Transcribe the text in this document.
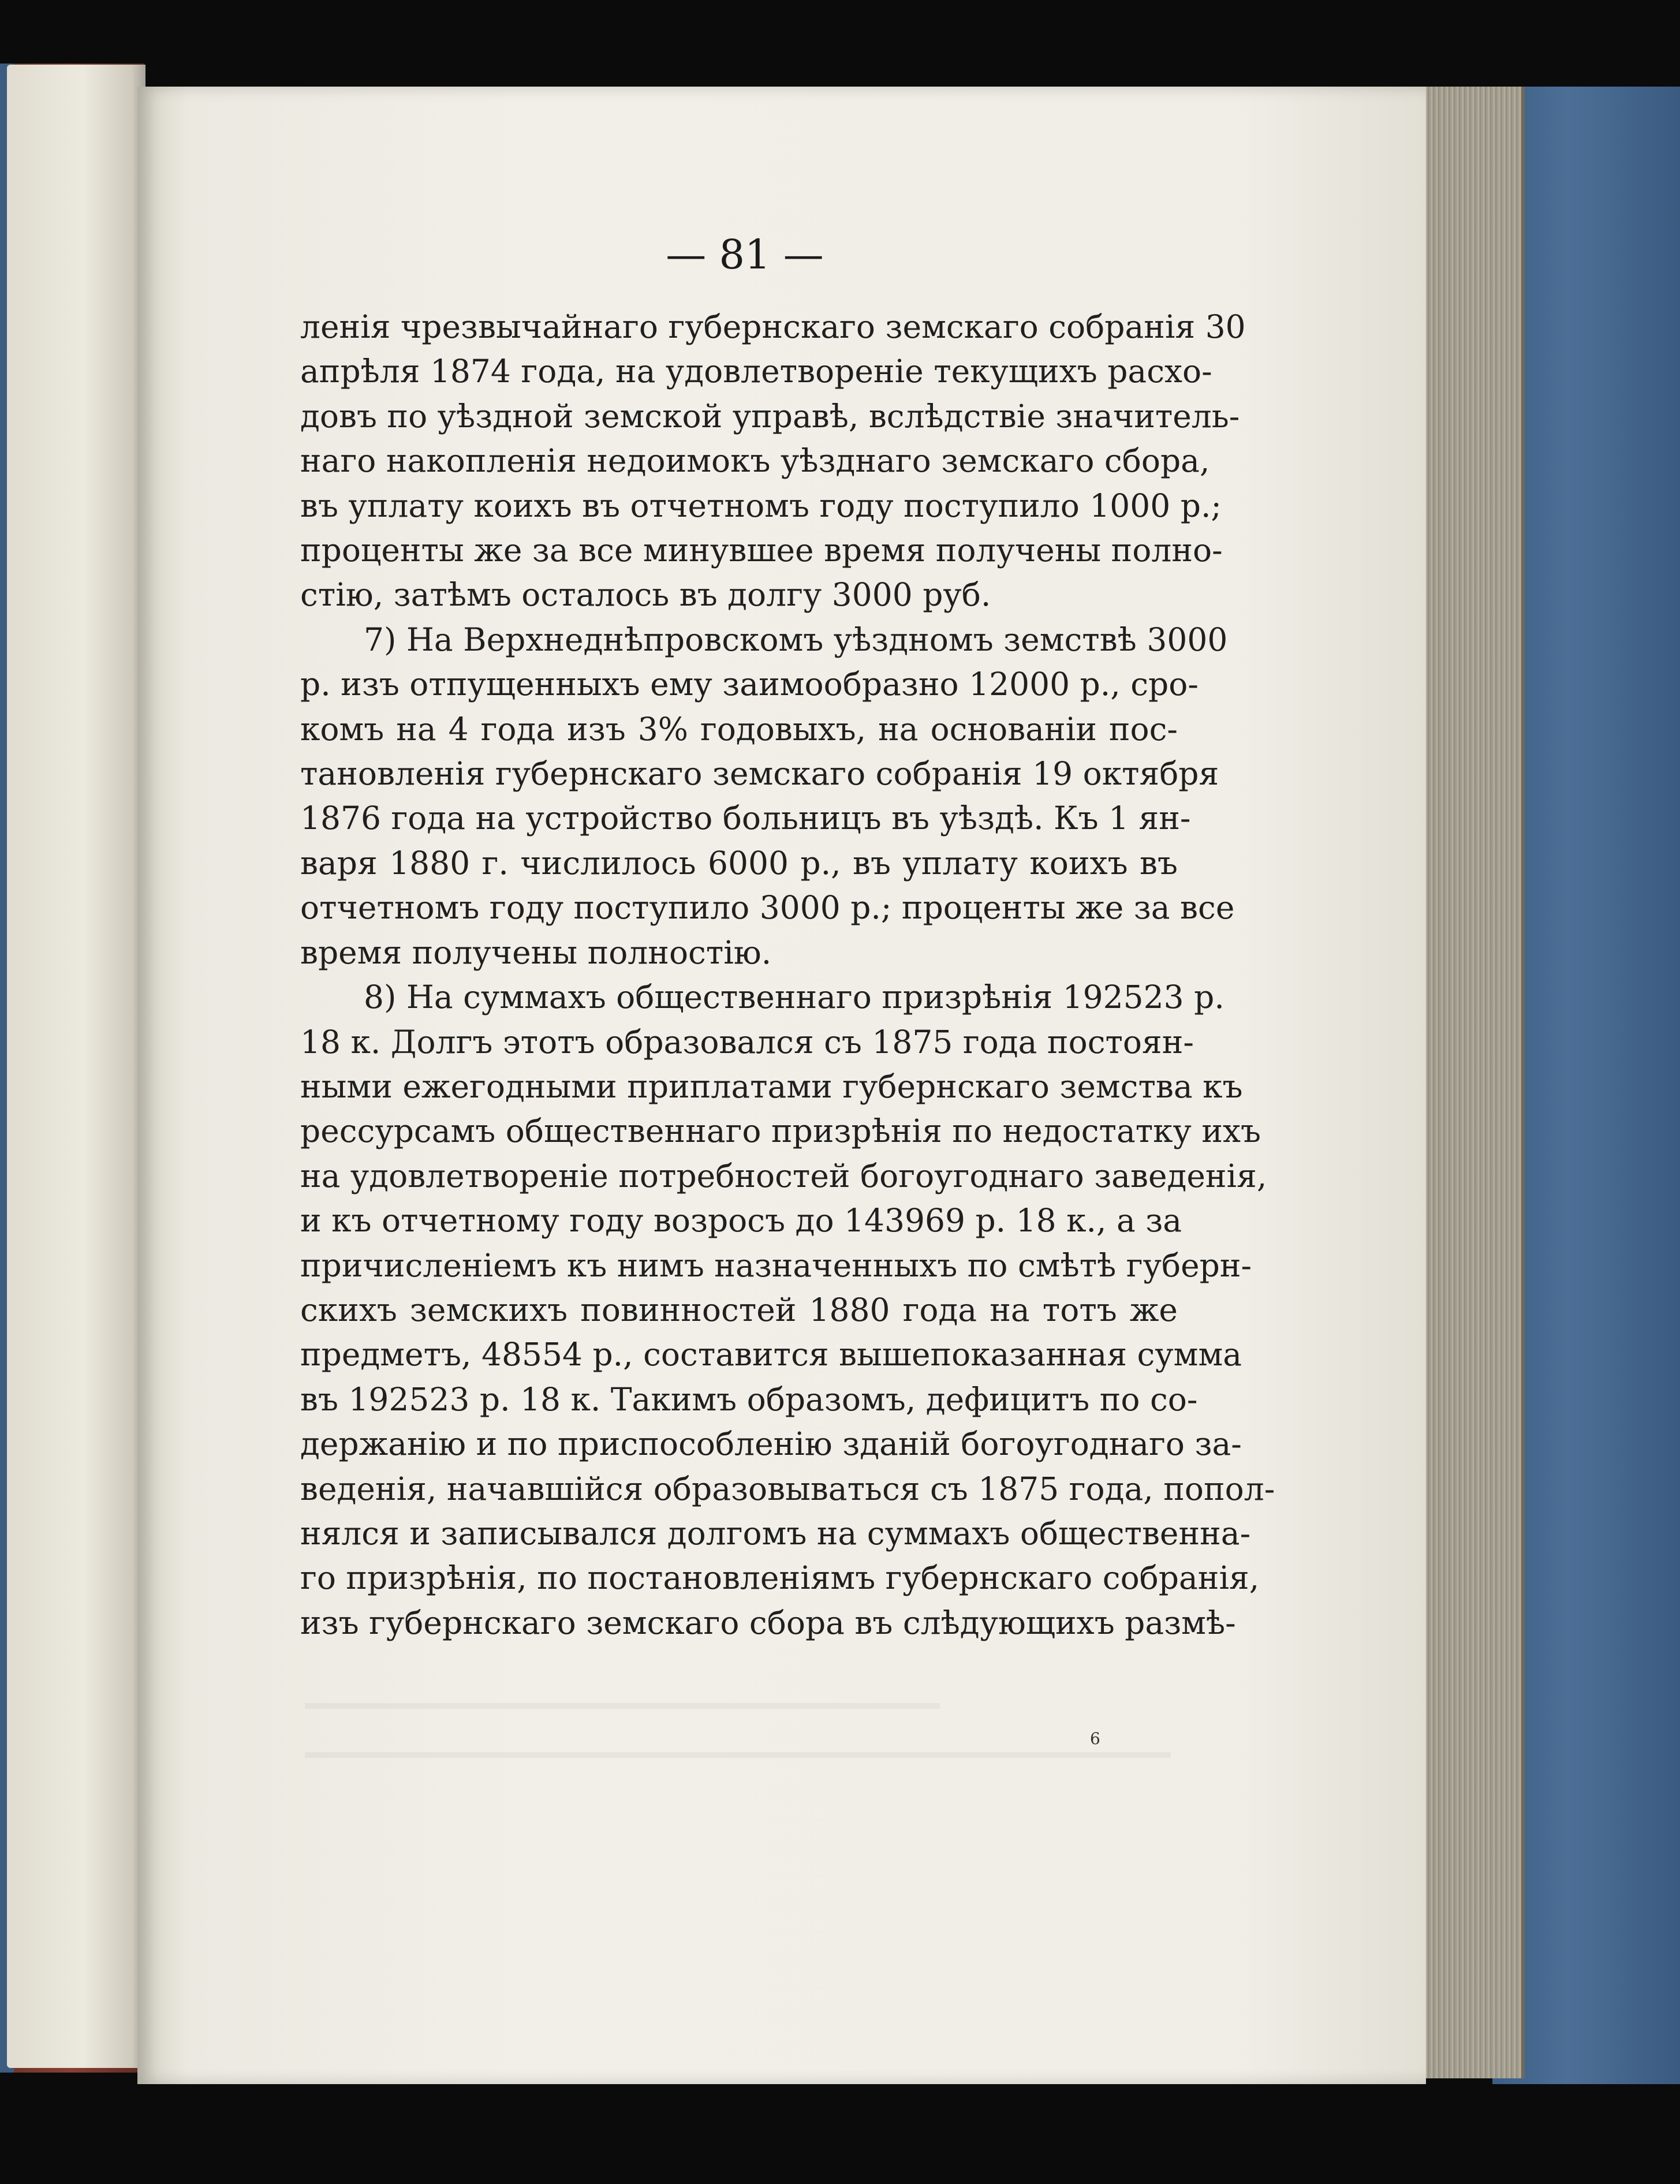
— 81 —
ленія чрезвычайнаго губернскаго земскаго собранія 30
апрѣля 1874 года, на удовлетвореніе текущихъ расхо-
довъ по уѣздной земской управѣ, вслѣдствіе значитель-
наго накопленія недоимокъ уѣзднаго земскаго сбора,
въ уплату коихъ въ отчетномъ году поступило 1000 р.;
проценты же за все минувшее время получены полно-
стію, затѣмъ осталось въ долгу 3000 руб.
7) На Верхнеднѣпровскомъ уѣздномъ земствѣ 3000
р. изъ отпущенныхъ ему заимообразно 12000 р., сро-
комъ на 4 года изъ 3% годовыхъ, на основаніи пос-
тановленія губернскаго земскаго собранія 19 октября
1876 года на устройство больницъ въ уѣздѣ. Къ 1 ян-
варя 1880 г. числилось 6000 р., въ уплату коихъ въ
отчетномъ году поступило 3000 р.; проценты же за все
время получены полностію.
8) На суммахъ общественнаго призрѣнія 192523 р.
18 к. Долгъ этотъ образовался съ 1875 года постоян-
ными ежегодными приплатами губернскаго земства къ
рессурсамъ общественнаго призрѣнія по недостатку ихъ
на удовлетвореніе потребностей богоугоднаго заведенія,
и къ отчетному году возросъ до 143969 р. 18 к., а за
причисленіемъ къ нимъ назначенныхъ по смѣтѣ губерн-
скихъ земскихъ повинностей 1880 года на тотъ же
предметъ, 48554 р., составится вышепоказанная сумма
въ 192523 р. 18 к. Такимъ образомъ, дефицитъ по со-
держанію и по приспособленію зданій богоугоднаго за-
веденія, начавшійся образовываться съ 1875 года, попол-
нялся и записывался долгомъ на суммахъ общественна-
го призрѣнія, по постановленіямъ губернскаго собранія,
изъ губернскаго земскаго сбора въ слѣдующихъ размѣ-
6
